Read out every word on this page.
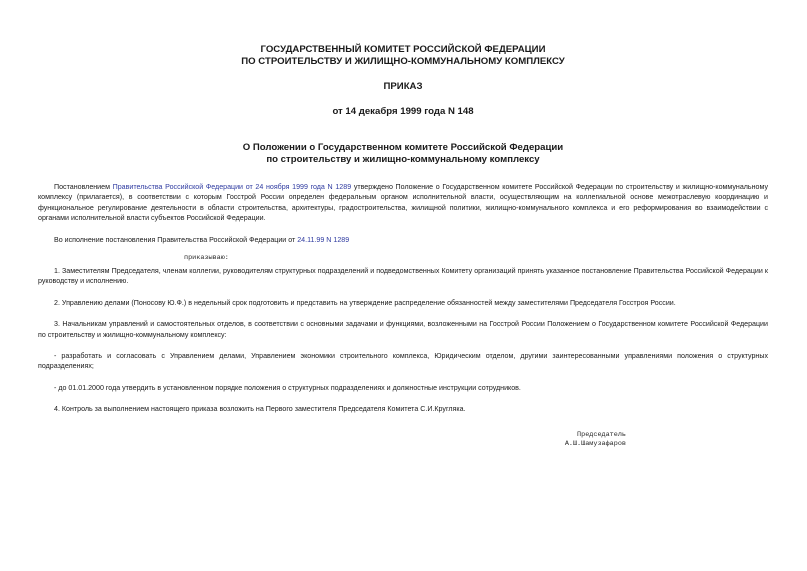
ГОСУДАРСТВЕННЫЙ КОМИТЕТ РОССИЙСКОЙ ФЕДЕРАЦИИ
ПО СТРОИТЕЛЬСТВУ И ЖИЛИЩНО-КОММУНАЛЬНОМУ КОМПЛЕКСУ
ПРИКАЗ
от 14 декабря 1999 года N 148
О Положении о Государственном комитете Российской Федерации
по строительству и жилищно-коммунальному комплексу

Постановлением Правительства Российской Федерации от 24 ноября 1999 года N 1289 утверждено Положение о Государственном комитете Российской Федерации по строительству и жилищно-коммунальному комплексу (прилагается), в соответствии с которым Госстрой России определен федеральным органом исполнительной власти, осуществляющим на коллегиальной основе межотраслевую координацию и функциональное регулирование деятельности в области строительства, архитектуры, градостроительства, жилищной политики, жилищно-коммунального комплекса и его реформирования во взаимодействии с органами исполнительной власти субъектов Российской Федерации.

Во исполнение постановления Правительства Российской Федерации от 24.11.99 N 1289

приказываю:

1. Заместителям Председателя, членам коллегии, руководителям структурных подразделений и подведомственных Комитету организаций принять указанное постановление Правительства Российской Федерации к руководству и исполнению.

2. Управлению делами (Поносову Ю.Ф.) в недельный срок подготовить и представить на утверждение распределение обязанностей между заместителями Председателя Госстроя России.

3. Начальникам управлений и самостоятельных отделов, в соответствии с основными задачами и функциями, возложенными на Госстрой России Положением о Государственном комитете Российской Федерации по строительству и жилищно-коммунальному комплексу:

- разработать и согласовать с Управлением делами, Управлением экономики строительного комплекса, Юридическим отделом, другими заинтересованными управлениями положения о структурных подразделениях;

- до 01.01.2000 года утвердить в установленном порядке положения о структурных подразделениях и должностные инструкции сотрудников.

4. Контроль за выполнением настоящего приказа возложить на Первого заместителя Председателя Комитета С.И.Кругляка.

Председатель
А.Ш.Шамузафаров
